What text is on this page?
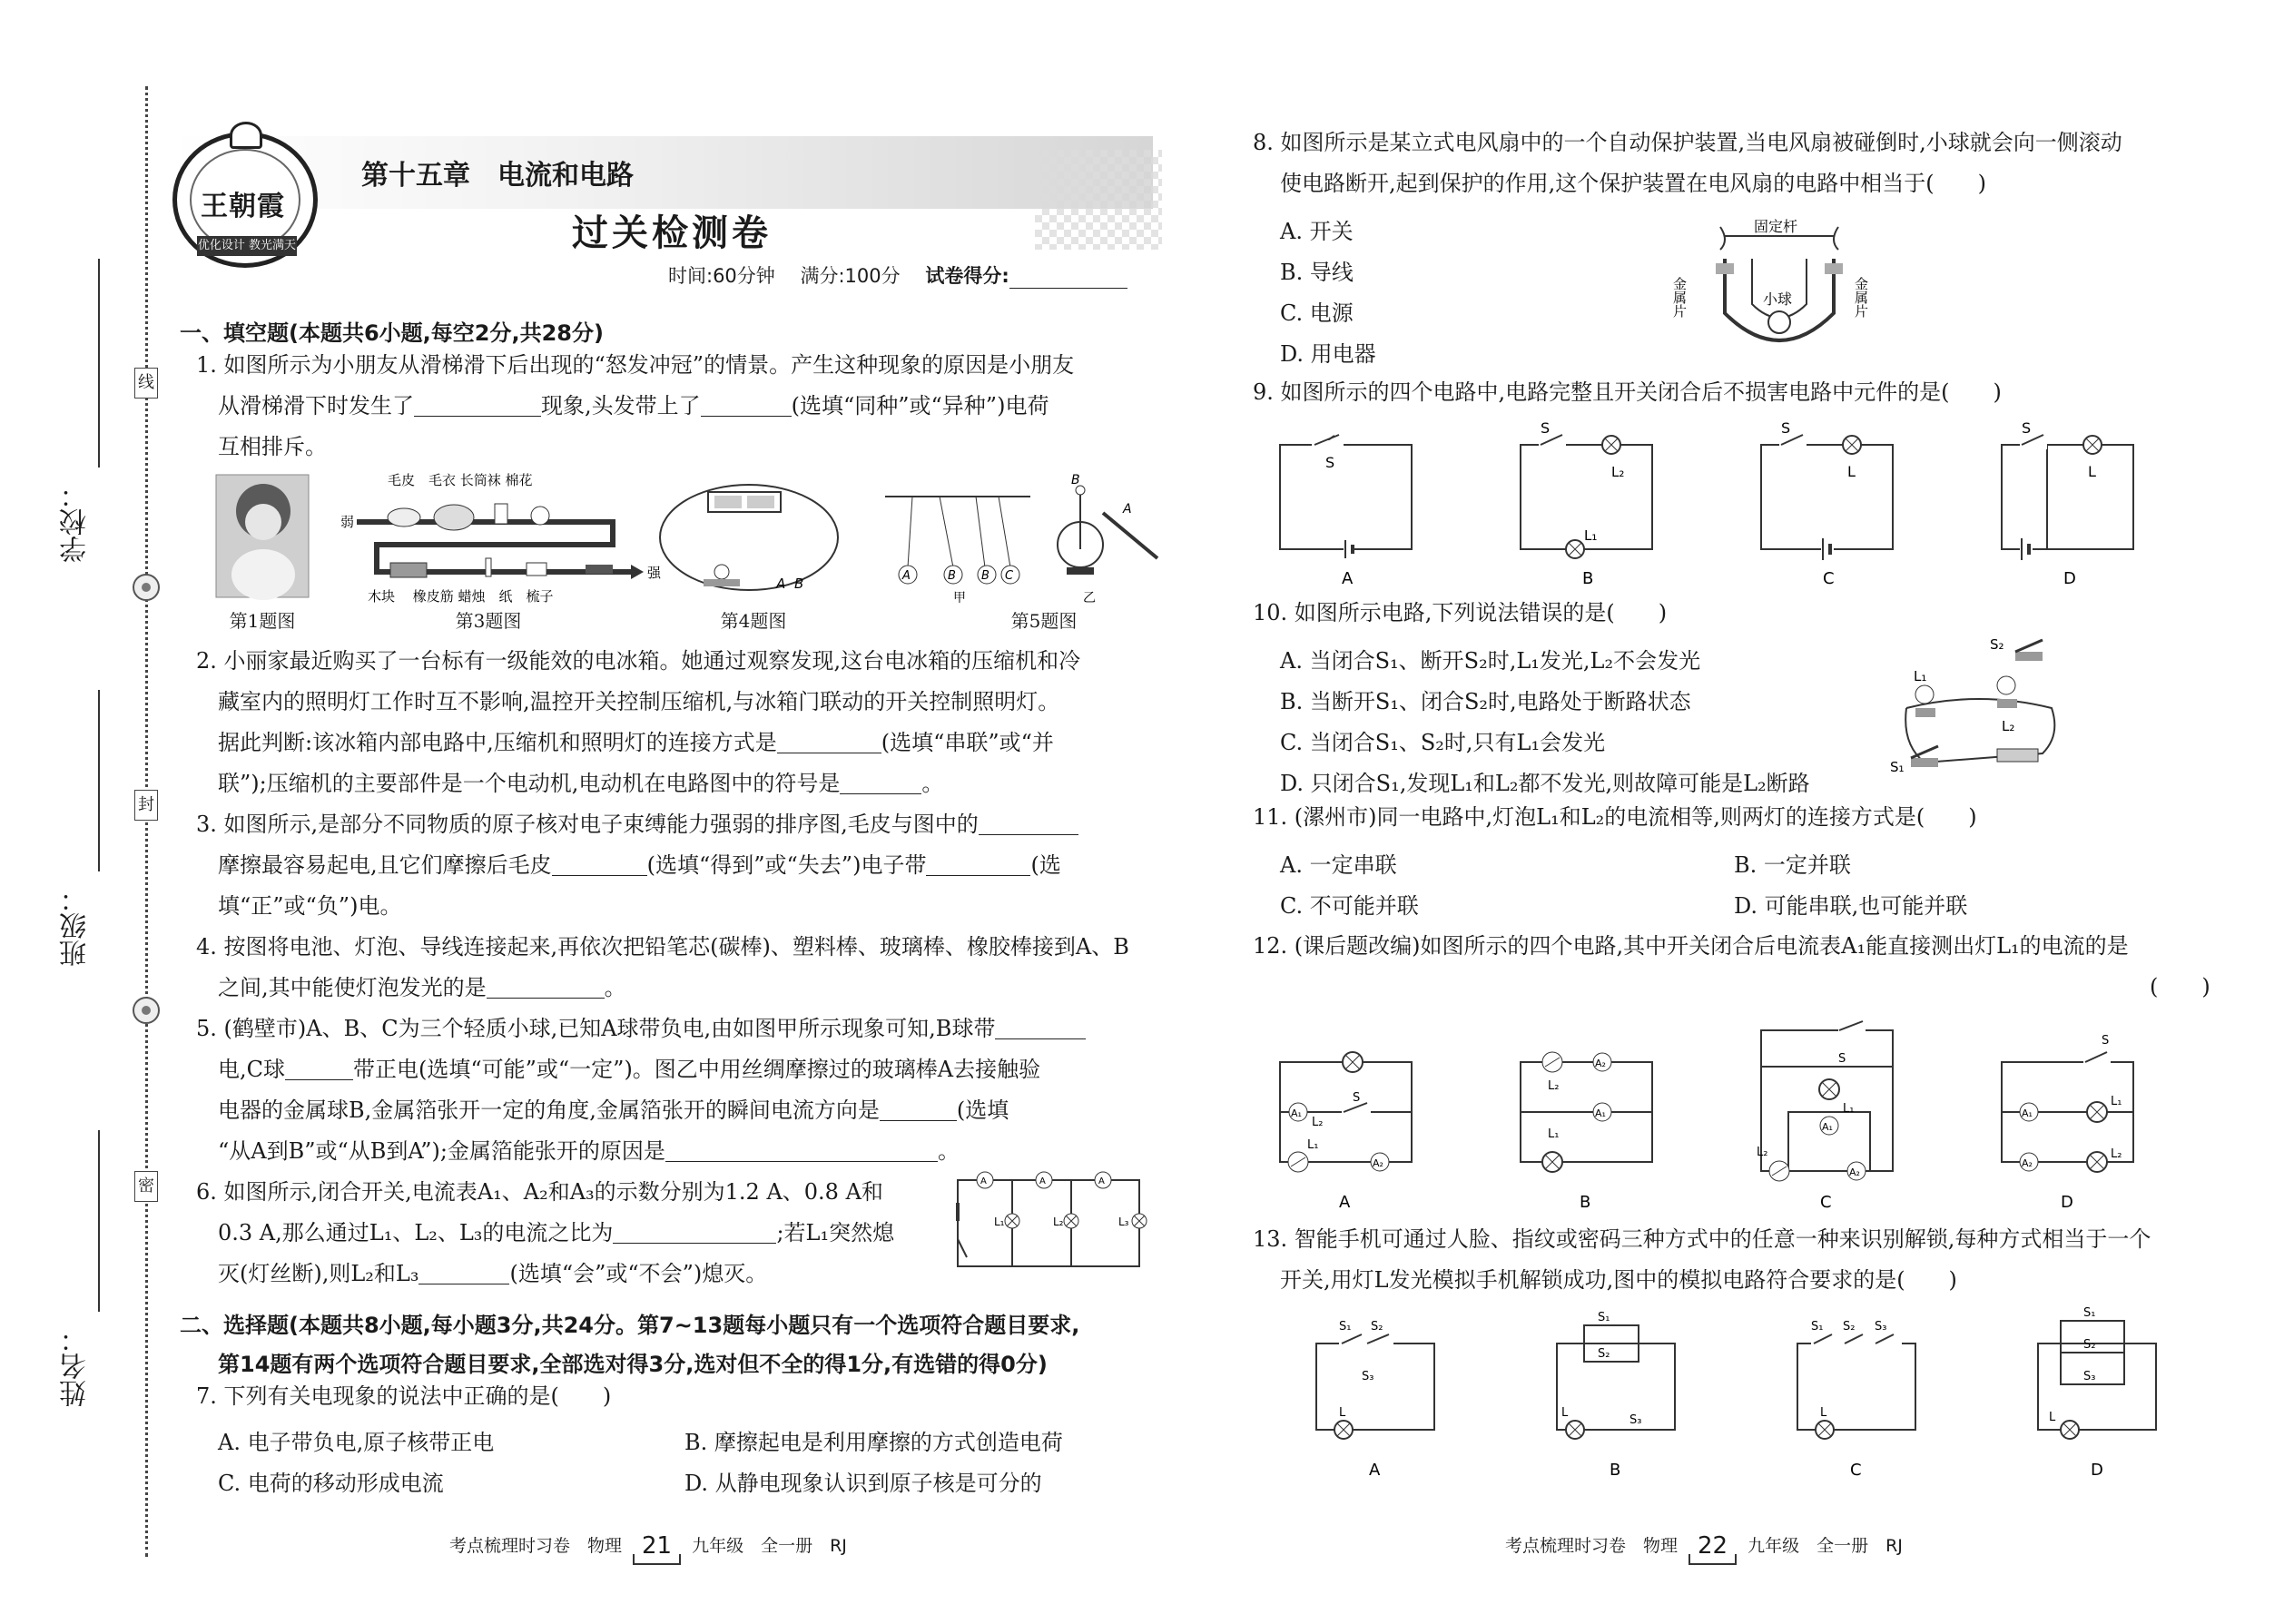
线
封
密
学校：
班级：
姓名：
王朝霞
优化设计 教光满天
第十五章　电流和电路
过关检测卷
时间:60分钟　 满分:100分　 试卷得分:
一、填空题(本题共6小题,每空2分,共28分)
1. 如图所示为小朋友从滑梯滑下后出现的“怒发冲冠”的情景。产生这种现象的原因是小朋友
从滑梯滑下时发生了	现象,头发带上了	(选填“同种”或“异种”)电荷
互相排斥。
第1题图
毛皮　毛衣 长筒袜 棉花
弱
强
木块　 橡皮筋 蜡烛　纸　梳子
第3题图
A B
第4题图
A	B B C
甲
B
A
乙
第5题图
2. 小丽家最近购买了一台标有一级能效的电冰箱。她通过观察发现,这台电冰箱的压缩机和冷
藏室内的照明灯工作时互不影响,温控开关控制压缩机,与冰箱门联动的开关控制照明灯。
据此判断:该冰箱内部电路中,压缩机和照明灯的连接方式是	(选填“串联”或“并
联”);压缩机的主要部件是一个电动机,电动机在电路图中的符号是	。
3. 如图所示,是部分不同物质的原子核对电子束缚能力强弱的排序图,毛皮与图中的
摩擦最容易起电,且它们摩擦后毛皮	(选填“得到”或“失去”)电子带	(选
填“正”或“负”)电。
4. 按图将电池、灯泡、导线连接起来,再依次把铅笔芯(碳棒)、塑料棒、玻璃棒、橡胶棒接到A、B
之间,其中能使灯泡发光的是	。
5. (鹤壁市)A、B、C为三个轻质小球,已知A球带负电,由如图甲所示现象可知,B球带
电,C球	带正电(选填“可能”或“一定”)。图乙中用丝绸摩擦过的玻璃棒A去接触验
电器的金属球B,金属箔张开一定的角度,金属箔张开的瞬间电流方向是	(选填
“从A到B”或“从B到A”);金属箔能张开的原因是	。
6. 如图所示,闭合开关,电流表A₁、A₂和A₃的示数分别为1.2 A、0.8 A和
0.3 A,那么通过L₁、L₂、L₃的电流之比为	;若L₁突然熄
灭(灯丝断),则L₂和L₃	(选填“会”或“不会”)熄灭。
A	A	A
L₁	L₂	L₃
二、选择题(本题共8小题,每小题3分,共24分。第7~13题每小题只有一个选项符合题目要求,
第14题有两个选项符合题目要求,全部选对得3分,选对但不全的得1分,有选错的得0分)
7. 下列有关电现象的说法中正确的是(　　)
A. 电子带负电,原子核带正电	B. 摩擦起电是利用摩擦的方式创造电荷
C. 电荷的移动形成电流	D. 从静电现象认识到原子核是可分的
8. 如图所示是某立式电风扇中的一个自动保护装置,当电风扇被碰倒时,小球就会向一侧滚动
使电路断开,起到保护的作用,这个保护装置在电风扇的电路中相当于(　　)
A. 开关
B. 导线
C. 电源
D. 用电器
固定杆
小球
金属片	金属片
9. 如图所示的四个电路中,电路完整且开关闭合后不损害电路中元件的是(　　)
S
A
S
L₂
L₁
B
S
L
C
S
L
D
10. 如图所示电路,下列说法错误的是(　　)
A. 当闭合S₁、断开S₂时,L₁发光,L₂不会发光
B. 当断开S₁、闭合S₂时,电路处于断路状态
C. 当闭合S₁、S₂时,只有L₁会发光
D. 只闭合S₁,发现L₁和L₂都不发光,则故障可能是L₂断路
L₁
L₂
S₂
S₁
11. (漯州市)同一电路中,灯泡L₁和L₂的电流相等,则两灯的连接方式是(　　)
A. 一定串联	B. 一定并联
C. 不可能并联	D. 可能串联,也可能并联
12. (课后题改编)如图所示的四个电路,其中开关闭合后电流表A₁能直接测出灯L₁的电流的是
(　　)
A₁
S
L₂
A₂
L₁
A
A₂
A₁
L₂
L₁
B
S
A₁
A₂
L₁
L₂
C
S
A₁
A₂
L₁
L₂
D
13. 智能手机可通过人脸、指纹或密码三种方式中的任意一种来识别解锁,每种方式相当于一个
开关,用灯L发光模拟手机解锁成功,图中的模拟电路符合要求的是(　　)
S₁ S₂
S₃
L
A
S₁
S₂
L
S₃
B
S₁ S₂ S₃
L
C
S₁
S₂
S₃
L
D
考点梳理时习卷　物理 21 九年级　全一册　RJ	考点梳理时习卷　物理 22 九年级　全一册　RJ
